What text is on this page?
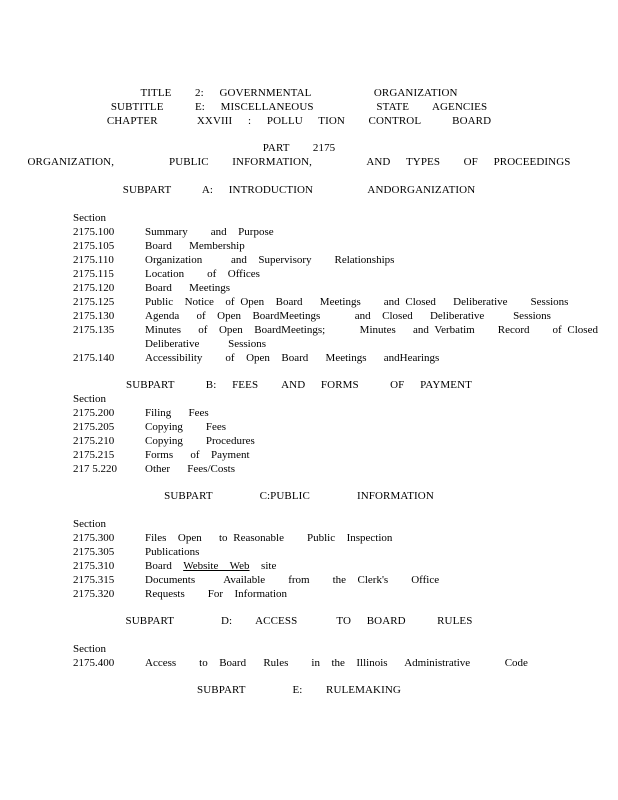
TITLE   2:  GOVERNMENTAL        ORGANIZATION
SUBTITLE    E:  MISCELLANEOUS        STATE   AGENCIES
CHAPTER     XXVIII  :  POLLU  TION   CONTROL    BOARD
PART   2175
ORGANIZATION,       PUBLIC   INFORMATION,       AND  TYPES   OF  PROCEEDINGS
SUBPART    A:  INTRODUCTION       ANDORGANIZATION
Section
2175.100	Summary    and  Purpose
2175.105	Board   Membership
2175.110	Organization     and  Supervisory    Relationships
2175.115	Location    of  Offices
2175.120	Board   Meetings
2175.125	Public  Notice  of Open  Board   Meetings    and Closed   Deliberative    Sessions
2175.130	Agenda   of  Open  BoardMeetings      and  Closed   Deliberative     Sessions
2175.135	Minutes   of  Open  BoardMeetings;      Minutes   and Verbatim    Record    of Closed
Deliberative     Sessions
2175.140	Accessibility    of  Open  Board   Meetings   andHearings
SUBPART    B:  FEES   AND  FORMS    OF  PAYMENT
Section
2175.200	Filing   Fees
2175.205	Copying    Fees
2175.210	Copying    Procedures
2175.215	Forms   of  Payment
217 5.220	Other   Fees/Costs
SUBPART      C:PUBLIC      INFORMATION
Section
2175.300	Files  Open   to Reasonable    Public  Inspection
2175.305	Publications
2175.310	Board  Website  Web  site
2175.315	Documents     Available    from    the  Clerk's    Office
2175.320	Requests    For  Information
SUBPART      D:   ACCESS     TO  BOARD    RULES
Section
2175.400	Access    to  Board   Rules    in  the  Illinois   Administrative      Code
SUBPART      E:   RULEMAKING
